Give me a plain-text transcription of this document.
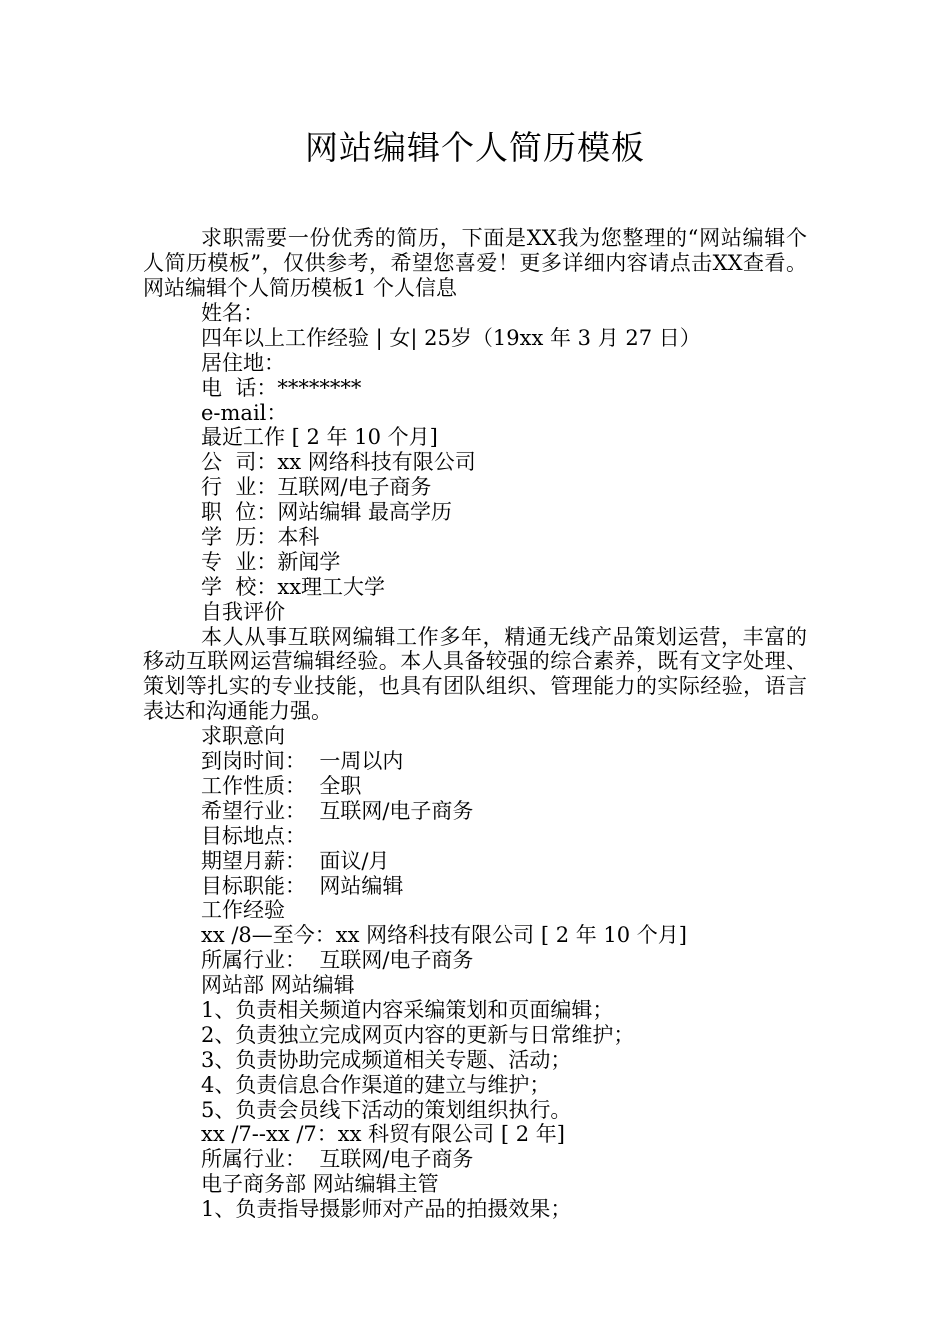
网站编辑个人简历模板

求职需要一份优秀的简历，下面是XX我为您整理的“网站编辑个人简历模板”，仅供参考，希望您喜爱！更多详细内容请点击XX查看。 网站编辑个人简历模板1 个人信息

姓名：
四年以上工作经验 | 女| 25岁（19xx 年 3 月 27 日）
居住地：
电  话：********
e-mail：
最近工作 [ 2 年 10 个月]
公  司：xx 网络科技有限公司
行  业：互联网/电子商务
职  位：网站编辑 最高学历
学  历：本科
专  业：新闻学
学  校：xx理工大学
自我评价
本人从事互联网编辑工作多年，精通无线产品策划运营，丰富的移动互联网运营编辑经验。本人具备较强的综合素养，既有文字处理、策划等扎实的专业技能，也具有团队组织、管理能力的实际经验，语言表达和沟通能力强。
求职意向
到岗时间：  一周以内
工作性质：  全职
希望行业：  互联网/电子商务
目标地点：
期望月薪：  面议/月
目标职能：  网站编辑
工作经验
xx /8—至今：xx 网络科技有限公司 [ 2 年 10 个月]
所属行业：  互联网/电子商务
网站部 网站编辑
1、负责相关频道内容采编策划和页面编辑；
2、负责独立完成网页内容的更新与日常维护；
3、负责协助完成频道相关专题、活动；
4、负责信息合作渠道的建立与维护；
5、负责会员线下活动的策划组织执行。
xx /7--xx /7：xx 科贸有限公司 [ 2 年]
所属行业：  互联网/电子商务
电子商务部 网站编辑主管
1、负责指导摄影师对产品的拍摄效果；
